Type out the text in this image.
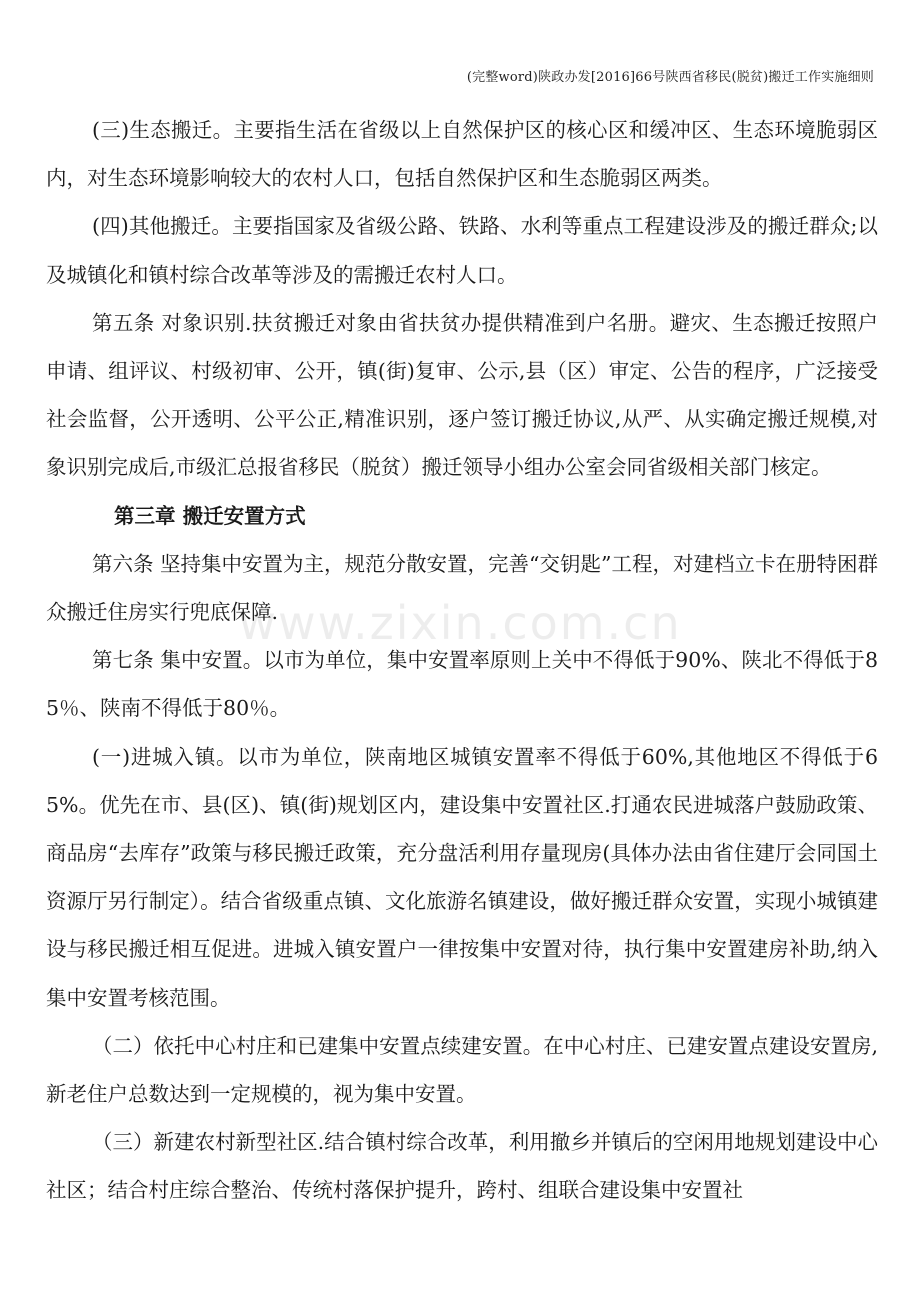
(完整word)陕政办发[2016]66号陕西省移民(脱贫)搬迁工作实施细则
www.zixin.com.cn

(三)生态搬迁。主要指生活在省级以上自然保护区的核心区和缓冲区、生态环境脆弱区内，对生态环境影响较大的农村人口，包括自然保护区和生态脆弱区两类。

(四)其他搬迁。主要指国家及省级公路、铁路、水利等重点工程建设涉及的搬迁群众;以及城镇化和镇村综合改革等涉及的需搬迁农村人口。

第五条 对象识别.扶贫搬迁对象由省扶贫办提供精准到户名册。避灾、生态搬迁按照户申请、组评议、村级初审、公开，镇(街)复审、公示,县（区）审定、公告的程序，广泛接受社会监督，公开透明、公平公正,精准识别，逐户签订搬迁协议,从严、从实确定搬迁规模,对象识别完成后,市级汇总报省移民（脱贫）搬迁领导小组办公室会同省级相关部门核定。

第三章 搬迁安置方式

第六条 坚持集中安置为主，规范分散安置，完善“交钥匙”工程，对建档立卡在册特困群众搬迁住房实行兜底保障.

第七条 集中安置。以市为单位，集中安置率原则上关中不得低于90%、陕北不得低于85％、陕南不得低于80％。

(一)进城入镇。以市为单位，陕南地区城镇安置率不得低于60%,其他地区不得低于65%。优先在市、县(区)、镇(街)规划区内，建设集中安置社区.打通农民进城落户鼓励政策、商品房“去库存”政策与移民搬迁政策，充分盘活利用存量现房(具体办法由省住建厅会同国土资源厅另行制定）。结合省级重点镇、文化旅游名镇建设，做好搬迁群众安置，实现小城镇建设与移民搬迁相互促进。进城入镇安置户一律按集中安置对待，执行集中安置建房补助,纳入集中安置考核范围。

（二）依托中心村庄和已建集中安置点续建安置。在中心村庄、已建安置点建设安置房,新老住户总数达到一定规模的，视为集中安置。

（三）新建农村新型社区.结合镇村综合改革，利用撤乡并镇后的空闲用地规划建设中心社区；结合村庄综合整治、传统村落保护提升，跨村、组联合建设集中安置社
